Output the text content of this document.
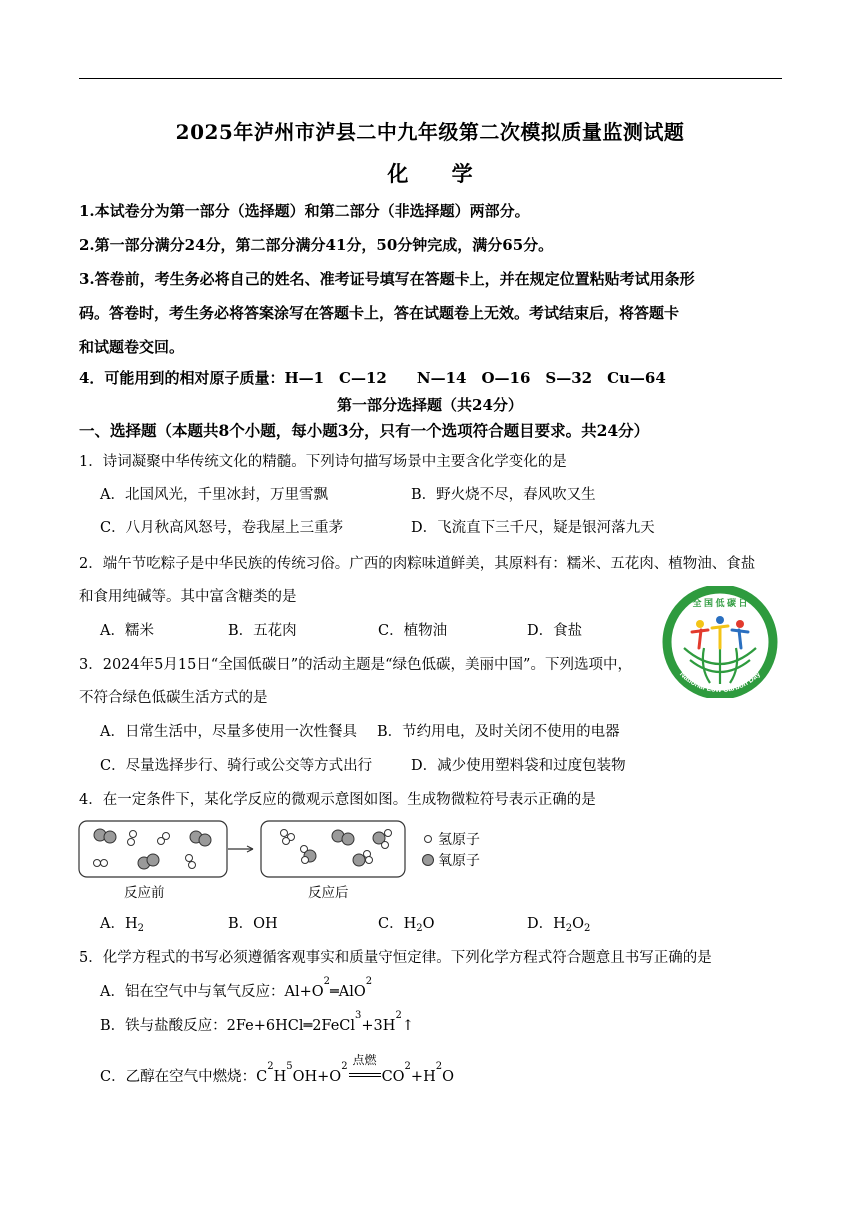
2025年泸州市泸县二中九年级第二次模拟质量监测试题
化 学
1.本试卷分为第一部分（选择题）和第二部分（非选择题）两部分。
2.第一部分满分24分，第二部分满分41分，50分钟完成，满分65分。
3.答卷前，考生务必将自己的姓名、准考证号填写在答题卡上，并在规定位置粘贴考试用条形
码。答卷时，考生务必将答案涂写在答题卡上，答在试题卷上无效。考试结束后，将答题卡
和试题卷交回。
4．可能用到的相对原子质量：H—1　C—12　　N—14　O—16　S—32　Cu—64
第一部分选择题（共24分）
一、选择题（本题共8个小题，每小题3分，只有一个选项符合题目要求。共24分）
1．诗词凝聚中华传统文化的精髓。下列诗句描写场景中主要含化学变化的是
A．北国风光，千里冰封，万里雪飘	B．野火烧不尽，春风吹又生
C．八月秋高风怒号，卷我屋上三重茅	D．飞流直下三千尺，疑是银河落九天
2．端午节吃粽子是中华民族的传统习俗。广西的肉粽味道鲜美，其原料有：糯米、五花肉、植物油、食盐
和食用纯碱等。其中富含糖类的是
A．糯米	B．五花肉	C．植物油	D．食盐
全 国 低 碳 日
National Low Carbon Day
3．2024年5月15日“全国低碳日”的活动主题是“绿色低碳，美丽中国”。下列选项中，
不符合绿色低碳生活方式的是
A．日常生活中，尽量多使用一次性餐具	B．节约用电，及时关闭不使用的电器
C．尽量选择步行、骑行或公交等方式出行	D．减少使用塑料袋和过度包装物
4．在一定条件下，某化学反应的微观示意图如图。生成物微粒符号表示正确的是
氢原子
氧原子
反应前	反应后
A．$H_2$	B．OH	C．$H_2O$	D．$H_2O_2$
5．化学方程式的书写必须遵循客观事实和质量守恒定律。下列化学方程式符合题意且书写正确的是
A．铝在空气中与氧气反应：Al+O
2
═AlO
2
B．铁与盐酸反应：2Fe+6HCl═2FeCl
3
+3H
2
↑
C．乙醇在空气中燃烧：C
2
H
5
OH+O
2 点燃
CO
2
+H
2
O
